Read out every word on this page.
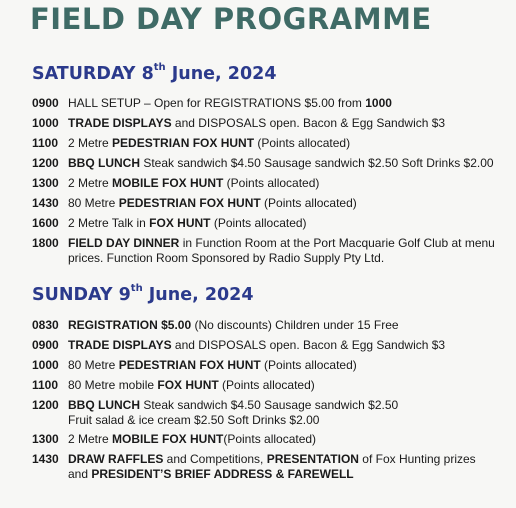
FIELD DAY PROGRAMME
SATURDAY 8th June, 2024
0900 HALL SETUP – Open for REGISTRATIONS $5.00 from 1000
1000 TRADE DISPLAYS and DISPOSALS open. Bacon & Egg Sandwich $3
1100 2 Metre PEDESTRIAN FOX HUNT (Points allocated)
1200 BBQ LUNCH Steak sandwich $4.50 Sausage sandwich $2.50 Soft Drinks $2.00
1300 2 Metre MOBILE FOX HUNT (Points allocated)
1430 80 Metre PEDESTRIAN FOX HUNT (Points allocated)
1600 2 Metre Talk in FOX HUNT (Points allocated)
1800 FIELD DAY DINNER in Function Room at the Port Macquarie Golf Club at menu prices. Function Room Sponsored by Radio Supply Pty Ltd.
SUNDAY 9th June, 2024
0830 REGISTRATION $5.00 (No discounts) Children under 15 Free
0900 TRADE DISPLAYS and DISPOSALS open. Bacon & Egg Sandwich $3
1000 80 Metre PEDESTRIAN FOX HUNT (Points allocated)
1100 80 Metre mobile FOX HUNT (Points allocated)
1200 BBQ LUNCH Steak sandwich $4.50 Sausage sandwich $2.50
Fruit salad & ice cream $2.50 Soft Drinks $2.00
1300 2 Metre MOBILE FOX HUNT(Points allocated)
1430 DRAW RAFFLES and Competitions, PRESENTATION of Fox Hunting prizes
and PRESIDENT’S BRIEF ADDRESS & FAREWELL
